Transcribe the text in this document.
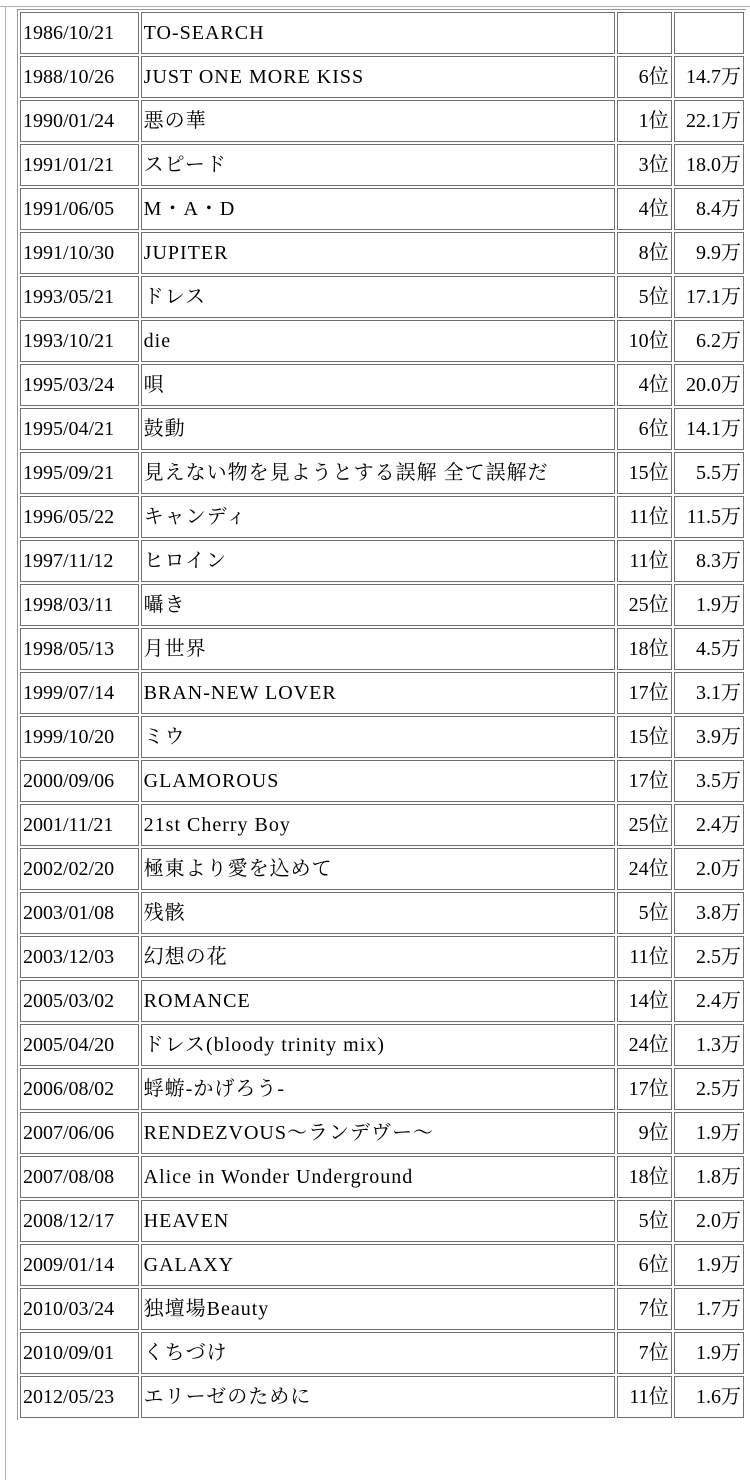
1986/10/21	TO-SEARCH		
1988/10/26	JUST ONE MORE KISS	6位	14.7万
1990/01/24	悪の華	1位	22.1万
1991/01/21	スピード	3位	18.0万
1991/06/05	M・A・D	4位	8.4万
1991/10/30	JUPITER	8位	9.9万
1993/05/21	ドレス	5位	17.1万
1993/10/21	die	10位	6.2万
1995/03/24	唄	4位	20.0万
1995/04/21	鼓動	6位	14.1万
1995/09/21	見えない物を見ようとする誤解 全て誤解だ	15位	5.5万
1996/05/22	キャンディ	11位	11.5万
1997/11/12	ヒロイン	11位	8.3万
1998/03/11	囁き	25位	1.9万
1998/05/13	月世界	18位	4.5万
1999/07/14	BRAN-NEW LOVER	17位	3.1万
1999/10/20	ミウ	15位	3.9万
2000/09/06	GLAMOROUS	17位	3.5万
2001/11/21	21st Cherry Boy	25位	2.4万
2002/02/20	極東より愛を込めて	24位	2.0万
2003/01/08	残骸	5位	3.8万
2003/12/03	幻想の花	11位	2.5万
2005/03/02	ROMANCE	14位	2.4万
2005/04/20	ドレス(bloody trinity mix)	24位	1.3万
2006/08/02	蜉蝣-かげろう-	17位	2.5万
2007/06/06	RENDEZVOUS〜ランデヴー〜	9位	1.9万
2007/08/08	Alice in Wonder Underground	18位	1.8万
2008/12/17	HEAVEN	5位	2.0万
2009/01/14	GALAXY	6位	1.9万
2010/03/24	独壇場Beauty	7位	1.7万
2010/09/01	くちづけ	7位	1.9万
2012/05/23	エリーゼのために	11位	1.6万
